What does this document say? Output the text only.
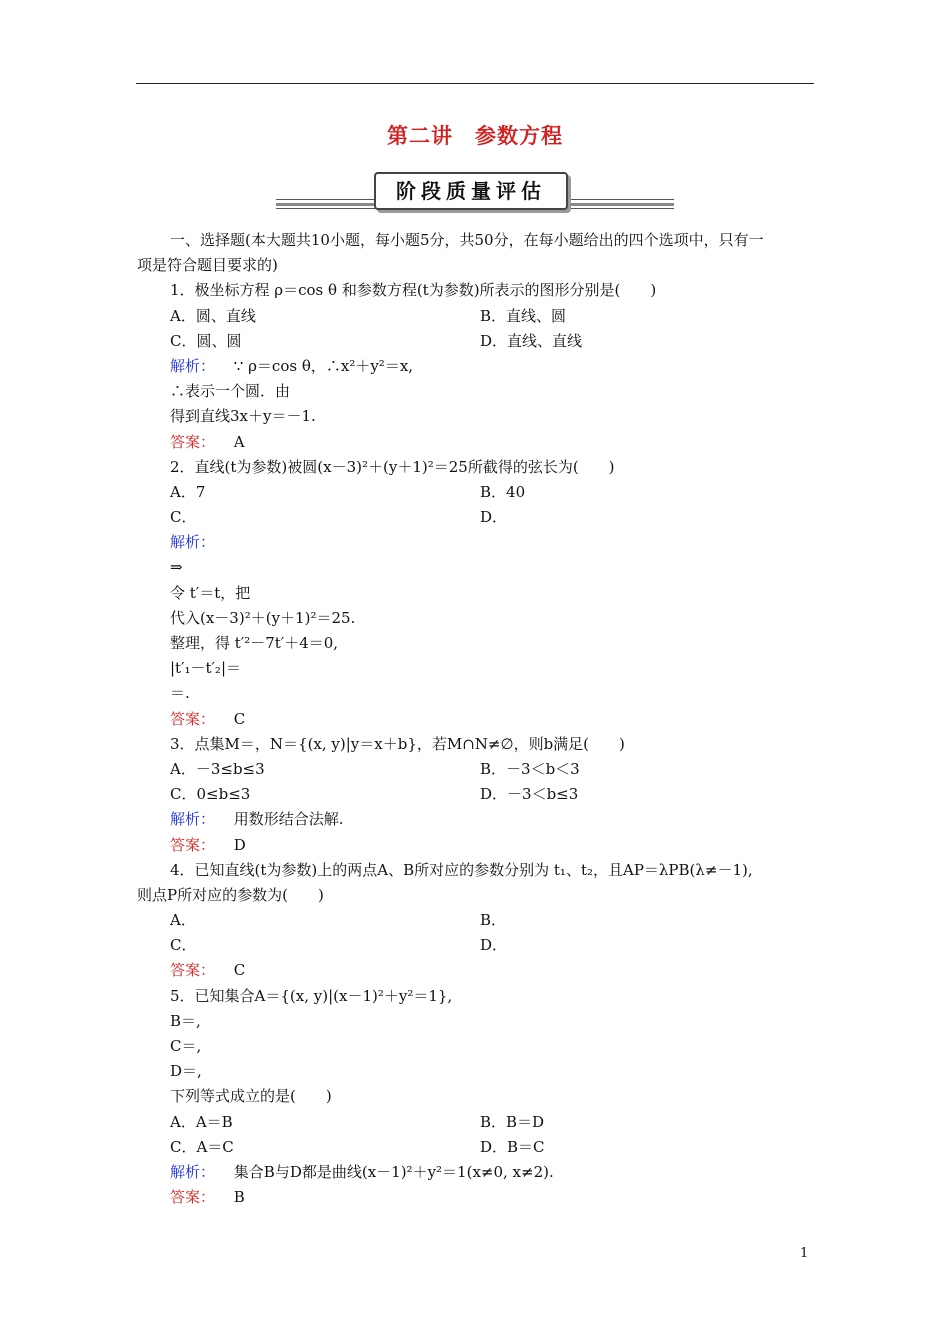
第二讲　参数方程
阶段质量评估
一、选择题(本大题共10小题，每小题5分，共50分，在每小题给出的四个选项中，只有一
项是符合题目要求的)
1．极坐标方程 ρ＝cos θ 和参数方程(t为参数)所表示的图形分别是(　　)
A．圆、直线	B．直线、圆
C．圆、圆	D．直线、直线
解析： ∵ ρ＝cos θ，∴x²＋y²＝x,
∴表示一个圆．由
得到直线3x＋y＝－1.
答案： A
2．直线(t为参数)被圆(x－3)²＋(y＋1)²＝25所截得的弦长为(　　)
A．7	B．40
C．	D．
解析：
⇒
令 t′＝t，把
代入(x－3)²＋(y＋1)²＝25.
整理，得 t′²－7t′＋4＝0,
|t′₁－t′₂|＝
＝.
答案： C
3．点集M＝，N＝{(x, y)|y＝x＋b}，若M∩N≠∅，则b满足(　　)
A．－3≤b≤3	B．－3＜b＜3
C．0≤b≤3	D．－3＜b≤3
解析： 用数形结合法解.
答案： D
4．已知直线(t为参数)上的两点A、B所对应的参数分别为 t₁、t₂，且AP＝λPB(λ≠－1),
则点P所对应的参数为(　　)
A．	B．
C．	D．
答案： C
5．已知集合A＝{(x, y)|(x－1)²＋y²＝1},
B＝,
C＝,
D＝,
下列等式成立的是(　　)
A．A＝B	B．B＝D
C．A＝C	D．B＝C
解析： 集合B与D都是曲线(x－1)²＋y²＝1(x≠0, x≠2).
答案： B
1
